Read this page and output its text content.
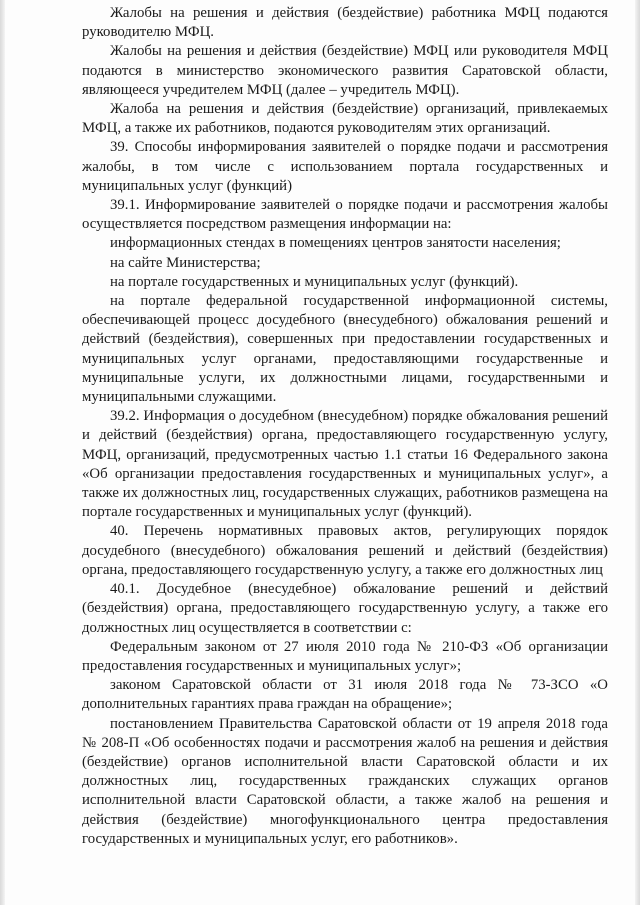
Жалобы на решения и действия (бездействие) работника МФЦ подаются руководителю МФЦ.

Жалобы на решения и действия (бездействие) МФЦ или руководителя МФЦ подаются в министерство экономического развития Саратовской области, являющееся учредителем МФЦ (далее – учредитель МФЦ).

Жалоба на решения и действия (бездействие) организаций, привлекаемых МФЦ, а также их работников, подаются руководителям этих организаций.

39. Способы информирования заявителей о порядке подачи и рассмотрения жалобы, в том числе с использованием портала государственных и муниципальных услуг (функций)

39.1. Информирование заявителей о порядке подачи и рассмотрения жалобы осуществляется посредством размещения информации на:

информационных стендах в помещениях центров занятости населения;

на сайте Министерства;

на портале государственных и муниципальных услуг (функций).

на портале федеральной государственной информационной системы, обеспечивающей процесс досудебного (внесудебного) обжалования решений и действий (бездействия), совершенных при предоставлении государственных и муниципальных услуг органами, предоставляющими государственные и муниципальные услуги, их должностными лицами, государственными и муниципальными служащими.

39.2. Информация о досудебном (внесудебном) порядке обжалования решений и действий (бездействия) органа, предоставляющего государственную услугу, МФЦ, организаций, предусмотренных частью 1.1 статьи 16 Федерального закона «Об организации предоставления государственных и муниципальных услуг», а также их должностных лиц, государственных служащих, работников размещена на портале государственных и муниципальных услуг (функций).

40. Перечень нормативных правовых актов, регулирующих порядок досудебного (внесудебного) обжалования решений и действий (бездействия) органа, предоставляющего государственную услугу, а также его должностных лиц

40.1. Досудебное (внесудебное) обжалование решений и действий (бездействия) органа, предоставляющего государственную услугу, а также его должностных лиц осуществляется в соответствии с:

Федеральным законом от 27 июля 2010 года № 210-ФЗ «Об организации предоставления государственных и муниципальных услуг»;

законом Саратовской области от 31 июля 2018 года № 73-ЗСО «О дополнительных гарантиях права граждан на обращение»;

постановлением Правительства Саратовской области от 19 апреля 2018 года № 208-П «Об особенностях подачи и рассмотрения жалоб на решения и действия (бездействие) органов исполнительной власти Саратовской области и их должностных лиц, государственных гражданских служащих органов исполнительной власти Саратовской области, а также жалоб на решения и действия (бездействие) многофункционального центра предоставления государственных и муниципальных услуг, его работников».
